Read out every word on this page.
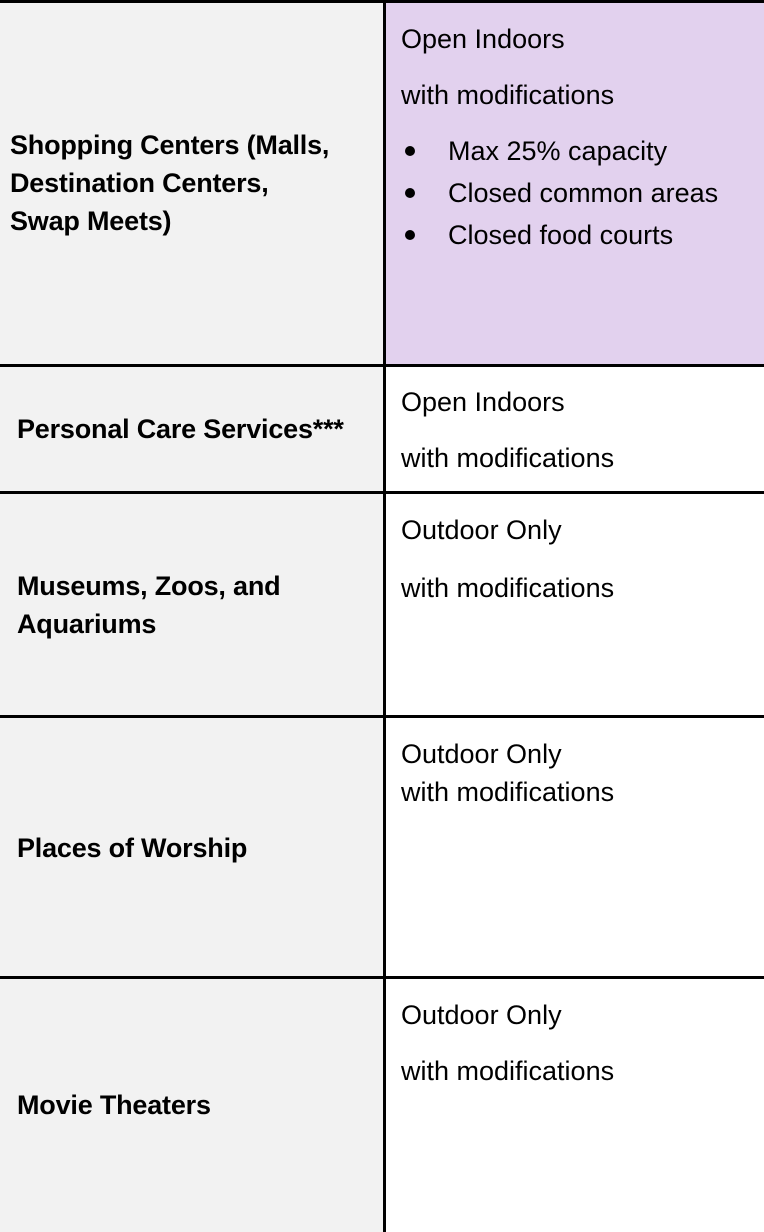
Shopping Centers (Malls,
Destination Centers,
Swap Meets)
Open Indoors
with modifications
Max 25% capacity
Closed common areas
Closed food courts
Personal Care Services***
Open Indoors
with modifications
Museums, Zoos, and
Aquariums
Outdoor Only
with modifications
Places of Worship
Outdoor Only
with modifications
Movie Theaters
Outdoor Only
with modifications
